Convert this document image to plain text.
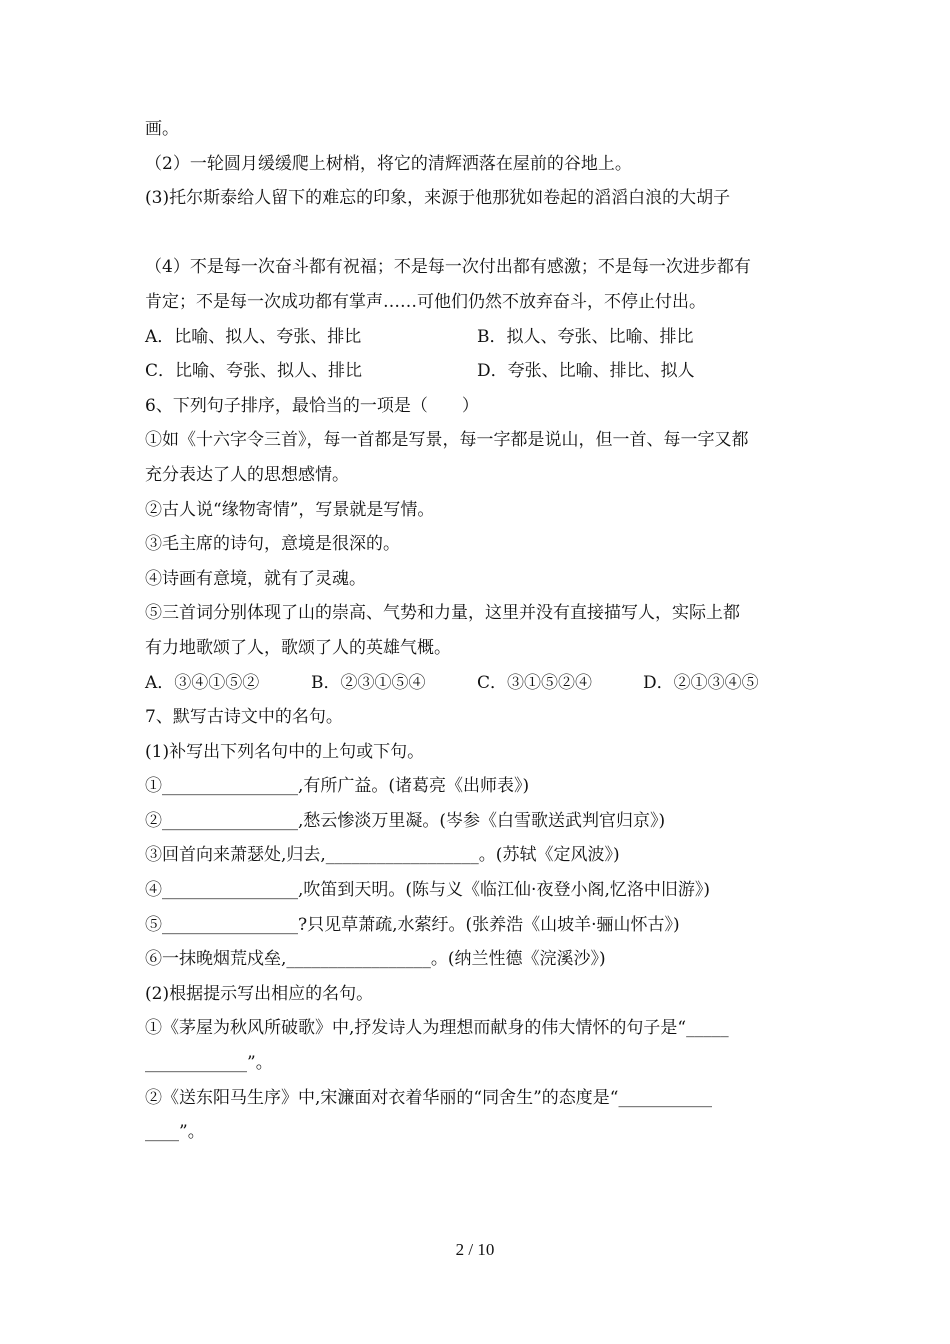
画。
（2）一轮圆月缓缓爬上树梢，将它的清辉洒落在屋前的谷地上。
(3)托尔斯泰给人留下的难忘的印象，来源于他那犹如卷起的滔滔白浪的大胡子
（4）不是每一次奋斗都有祝福；不是每一次付出都有感激；不是每一次进步都有
肯定；不是每一次成功都有掌声……可他们仍然不放弃奋斗，不停止付出。
A．比喻、拟人、夸张、排比	B．拟人、夸张、比喻、排比
C．比喻、夸张、拟人、排比	D．夸张、比喻、排比、拟人
6、下列句子排序，最恰当的一项是（　　）
①如《十六字令三首》，每一首都是写景，每一字都是说山，但一首、每一字又都
充分表达了人的思想感情。
②古人说“缘物寄情”，写景就是写情。
③毛主席的诗句，意境是很深的。
④诗画有意境，就有了灵魂。
⑤三首词分别体现了山的崇高、气势和力量，这里并没有直接描写人，实际上都
有力地歌颂了人，歌颂了人的英雄气概。
A．③④①⑤②	B．②③①⑤④	C．③①⑤②④	D．②①③④⑤
7、默写古诗文中的名句。
(1)补写出下列名句中的上句或下句。
①________________,有所广益。(诸葛亮《出师表》)
②________________,愁云惨淡万里凝。(岑参《白雪歌送武判官归京》)
③回首向来萧瑟处,归去,__________________。(苏轼《定风波》)
④________________,吹笛到天明。(陈与义《临江仙·夜登小阁,忆洛中旧游》)
⑤________________?只见草萧疏,水萦纡。(张养浩《山坡羊·骊山怀古》)
⑥一抹晚烟荒戍垒,_________________。(纳兰性德《浣溪沙》)
(2)根据提示写出相应的名句。
①《茅屋为秋风所破歌》中,抒发诗人为理想而献身的伟大情怀的句子是“_____
____________”。
②《送东阳马生序》中,宋濂面对衣着华丽的“同舍生”的态度是“___________
____”。
2 / 10
